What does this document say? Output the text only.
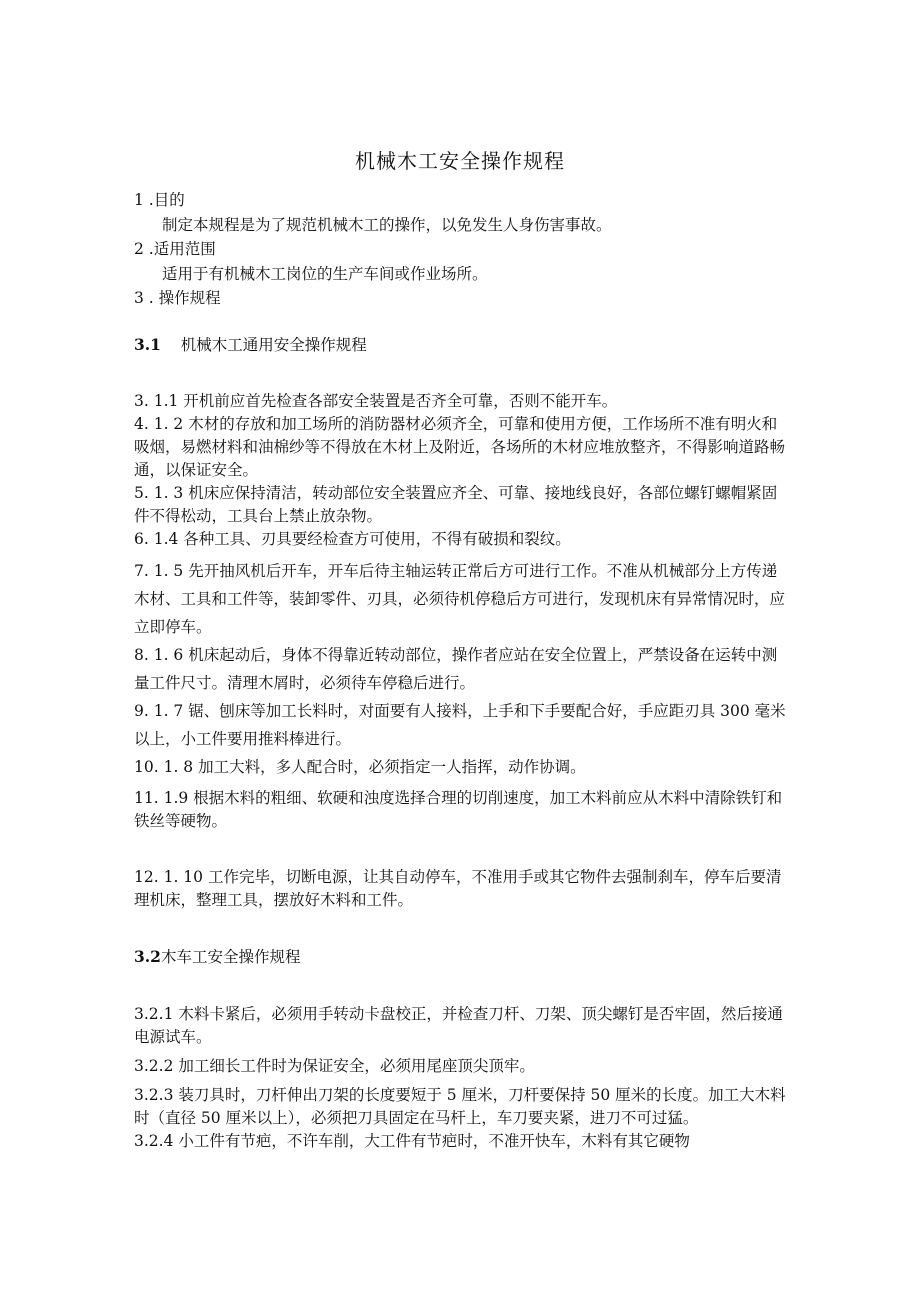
机械木工安全操作规程
1 .目的
制定本规程是为了规范机械木工的操作，以免发生人身伤害事故。
2 .适用范围
适用于有机械木工岗位的生产车间或作业场所。
3 . 操作规程
3.1 机械木工通用安全操作规程
3. 1.1 开机前应首先检查各部安全装置是否齐全可靠，否则不能开车。
4. 1. 2 木材的存放和加工场所的消防器材必须齐全，可靠和使用方便，工作场所不准有明火和吸烟，易燃材料和油棉纱等不得放在木材上及附近，各场所的木材应堆放整齐，不得影响道路畅通，以保证安全。
5. 1. 3 机床应保持清洁，转动部位安全装置应齐全、可靠、接地线良好，各部位螺钉螺帽紧固件不得松动，工具台上禁止放杂物。
6. 1.4 各种工具、刃具要经检查方可使用，不得有破损和裂纹。
7. 1. 5 先开抽风机后开车，开车后待主轴运转正常后方可进行工作。不准从机械部分上方传递木材、工具和工件等，装卸零件、刃具，必须待机停稳后方可进行，发现机床有异常情况时，应立即停车。
8. 1. 6 机床起动后，身体不得靠近转动部位，操作者应站在安全位置上，严禁设备在运转中测量工件尺寸。清理木屑时，必须待车停稳后进行。
9. 1. 7 锯、刨床等加工长料时，对面要有人接料，上手和下手要配合好，手应距刃具 300 毫米以上，小工件要用推料棒进行。
10. 1. 8 加工大料，多人配合时，必须指定一人指挥，动作协调。
11. 1.9 根据木料的粗细、软硬和浊度选择合理的切削速度，加工木料前应从木料中清除铁钉和铁丝等硬物。
12. 1. 10 工作完毕，切断电源，让其自动停车，不准用手或其它物件去强制刹车，停车后要清理机床，整理工具，摆放好木料和工件。
3.2木车工安全操作规程
3.2.1 木料卡紧后，必须用手转动卡盘校正，并检查刀杆、刀架、顶尖螺钉是否牢固，然后接通电源试车。
3.2.2 加工细长工件时为保证安全，必须用尾座顶尖顶牢。
3.2.3 装刀具时，刀杆伸出刀架的长度要短于 5 厘米，刀杆要保持 50 厘米的长度。加工大木料时（直径 50 厘米以上），必须把刀具固定在马杆上，车刀要夹紧，进刀不可过猛。
3.2.4 小工件有节疤，不许车削，大工件有节疤时，不准开快车，木料有其它硬物
